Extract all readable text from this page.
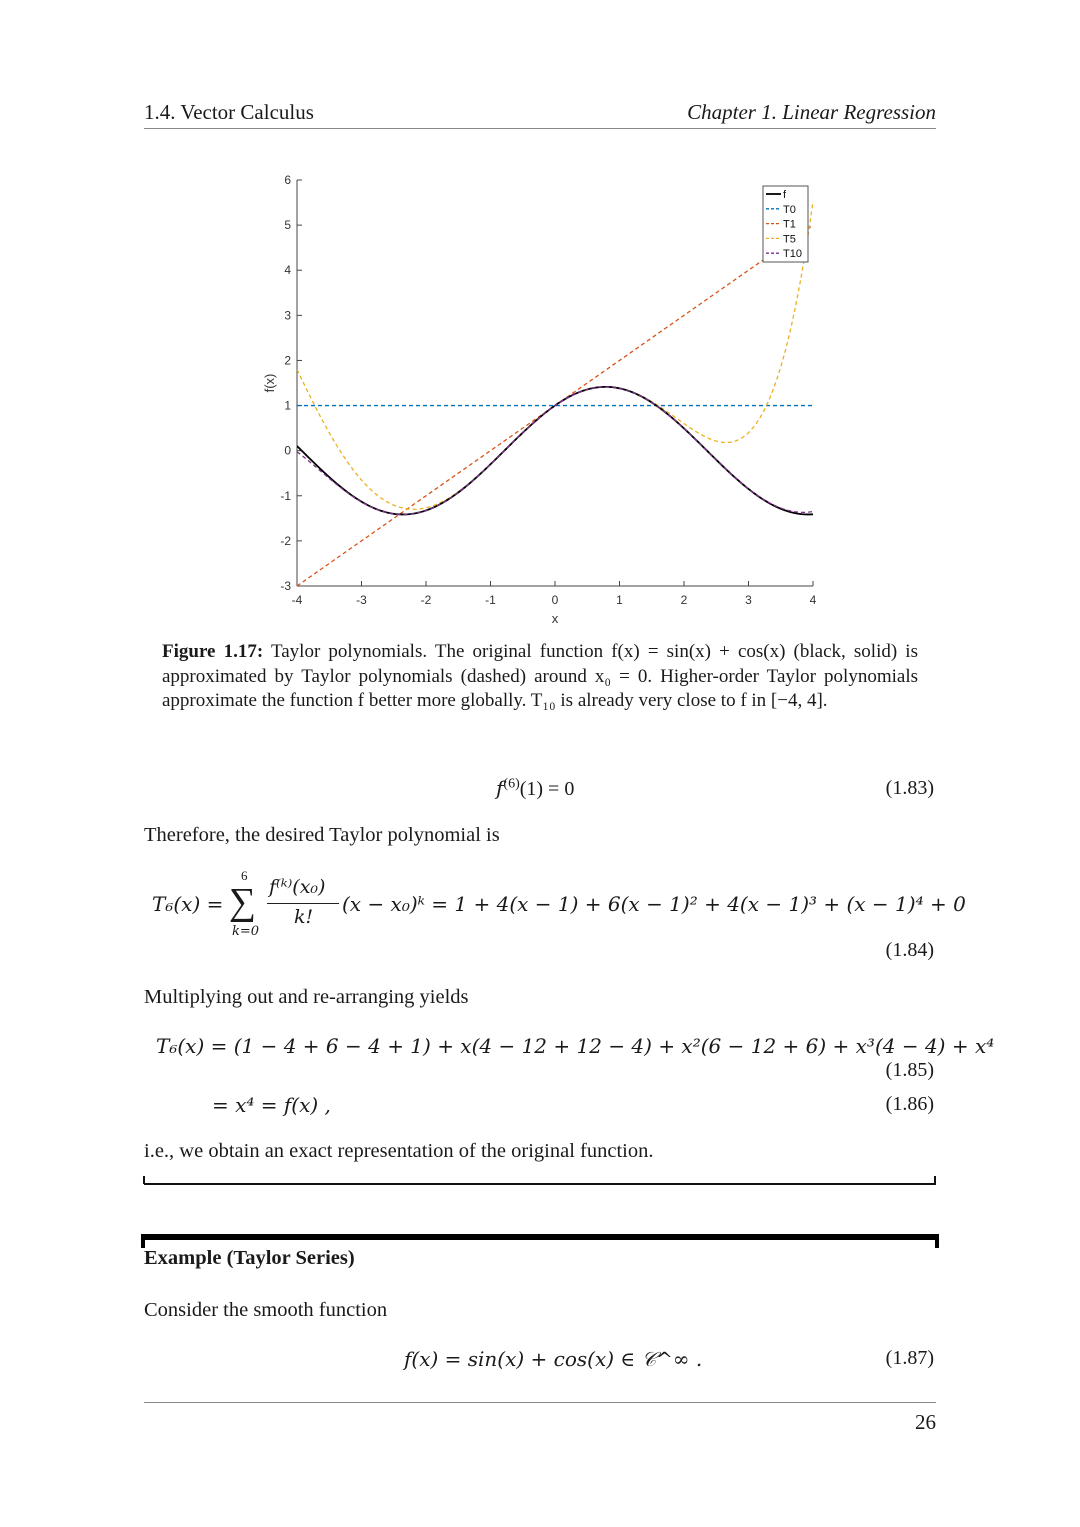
1.4. Vector Calculus	Chapter 1. Linear Regression
-3
-2
-1
0
1
2
3
4
5
6
-4	-3	-2	-1	0	1	2	3	4
x
f(x)
f
T0
T1
T5
T10
Figure 1.17: Taylor polynomials. The original function f(x) = sin(x) + cos(x) (black, solid) is approximated by Taylor polynomials (dashed) around x₀ = 0. Higher-order Taylor polynomials approximate the function f better more globally. T₁₀ is already very close to f in [−4, 4].
$f^{(6)}(1) = 0$	(1.83)
Therefore, the desired Taylor polynomial is
T₆(x) =
6
∑
k=0
f⁽ᵏ⁾(x₀)
k!
(x − x₀)ᵏ = 1 + 4(x − 1) + 6(x − 1)² + 4(x − 1)³ + (x − 1)⁴ + 0
(1.84)
Multiplying out and re-arranging yields
T₆(x) = (1 − 4 + 6 − 4 + 1) + x(4 − 12 + 12 − 4) + x²(6 − 12 + 6) + x³(4 − 4) + x⁴
(1.85)
= x⁴ = f(x) ,	(1.86)
i.e., we obtain an exact representation of the original function.
Example (Taylor Series)
Consider the smooth function
f(x) = sin(x) + cos(x) ∈ 𝒞^∞ .	(1.87)
26
